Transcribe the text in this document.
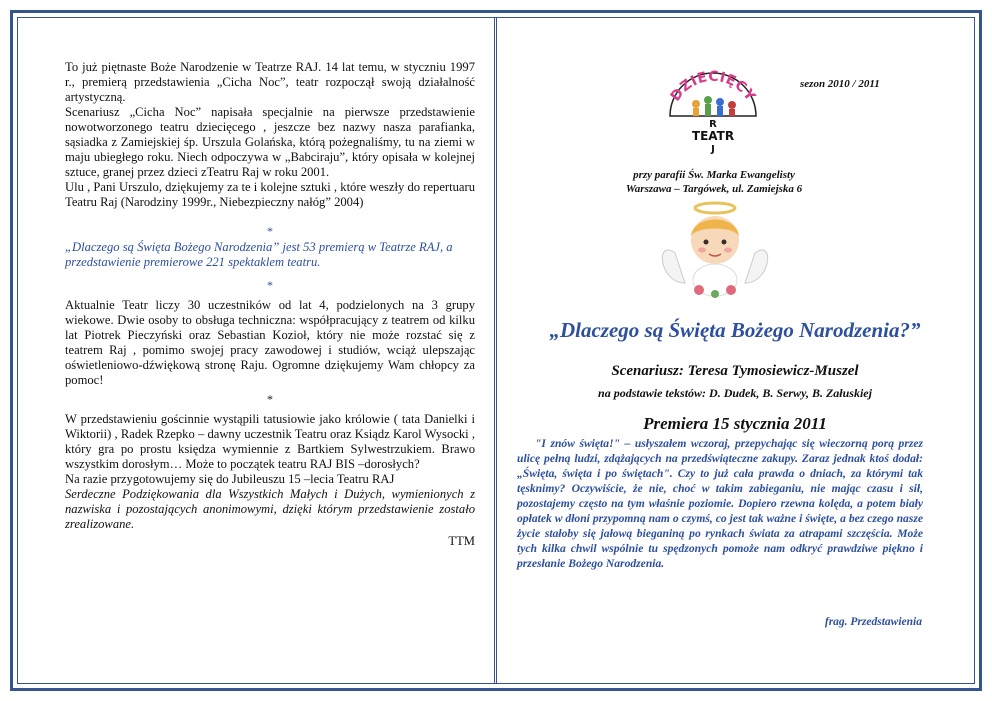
To już piętnaste Boże Narodzenie w Teatrze RAJ. 14 lat temu, w styczniu 1997 r., premierą przedstawienia „Cicha Noc”, teatr rozpoczął swoją działalność artystyczną.

Scenariusz „Cicha Noc” napisała specjalnie na pierwsze przedstawienie nowotworzonego teatru dziecięcego , jeszcze bez nazwy nasza parafianka, sąsiadka z Zamiejskiej śp. Urszula Golańska, którą pożegnaliśmy, tu na ziemi w maju ubiegłego roku. Niech odpoczywa w „Babciraju”, który opisała w kolejnej sztuce, granej przez dzieci zTeatru Raj w roku 2001.

Ulu , Pani Urszulo, dziękujemy za te i kolejne sztuki , które weszły do repertuaru Teatru Raj (Narodziny 1999r., Niebezpieczny nałóg” 2004)

*

„Dlaczego są Święta Bożego Narodzenia” jest 53 premierą w Teatrze RAJ, a przedstawienie premierowe 221 spektaklem teatru.

*

Aktualnie Teatr liczy 30 uczestników od lat 4, podzielonych na 3 grupy wiekowe. Dwie osoby to obsługa techniczna: współpracujący z teatrem od kilku lat Piotrek Pieczyński oraz Sebastian Kozioł, który nie może rozstać się z teatrem Raj , pomimo swojej pracy zawodowej i studiów, wciąż ulepszając oświetleniowo-dźwiękową stronę Raju. Ogromne dziękujemy Wam chłopcy za pomoc!

*

W przedstawieniu gościnnie wystąpili tatusiowie jako królowie ( tata Danielki i Wiktorii) , Radek Rzepko – dawny uczestnik Teatru oraz Ksiądz Karol Wysocki , który gra po prostu księdza wymiennie z Bartkiem Sylwestrzukiem. Brawo wszystkim dorosłym… Może to początek teatru RAJ BIS –dorosłych?

Na razie przygotowujemy się do Jubileuszu 15 –lecia Teatru RAJ

Serdeczne Podziękowania dla Wszystkich Małych i Dużych, wymienionych z nazwiska i pozostających anonimowymi, dzięki którym przedstawienie zostało zrealizowane.

TTM

sezon 2010 / 2011
DZIECIĘCY
R
TEATR
J
przy parafii Św. Marka Ewangelisty
Warszawa – Targówek, ul. Zamiejska 6
„Dlaczego są Święta Bożego Narodzenia?”
Scenariusz: Teresa Tymosiewicz-Muszel
na podstawie tekstów: D. Dudek, B. Serwy, B. Załuskiej
Premiera 15 stycznia 2011

"I znów święta!" – usłyszałem wczoraj, przepychając się wieczorną porą przez ulicę pełną ludzi, zdążających na przedświąteczne zakupy. Zaraz jednak ktoś dodał: „Święta, święta i po świętach". Czy to już cała prawda o dniach, za którymi tak tęsknimy? Oczywiście, że nie, choć w takim zabieganiu, nie mając czasu i sił, pozostajemy często na tym właśnie poziomie. Dopiero rzewna kolęda, a potem biały opłatek w dłoni przypomną nam o czymś, co jest tak ważne i święte, a bez czego nasze życie stałoby się jałową bieganiną po rynkach świata za atrapami szczęścia. Może tych kilka chwil wspólnie tu spędzonych pomoże nam odkryć prawdziwe piękno i przesłanie Bożego Narodzenia.

frag. Przedstawienia
